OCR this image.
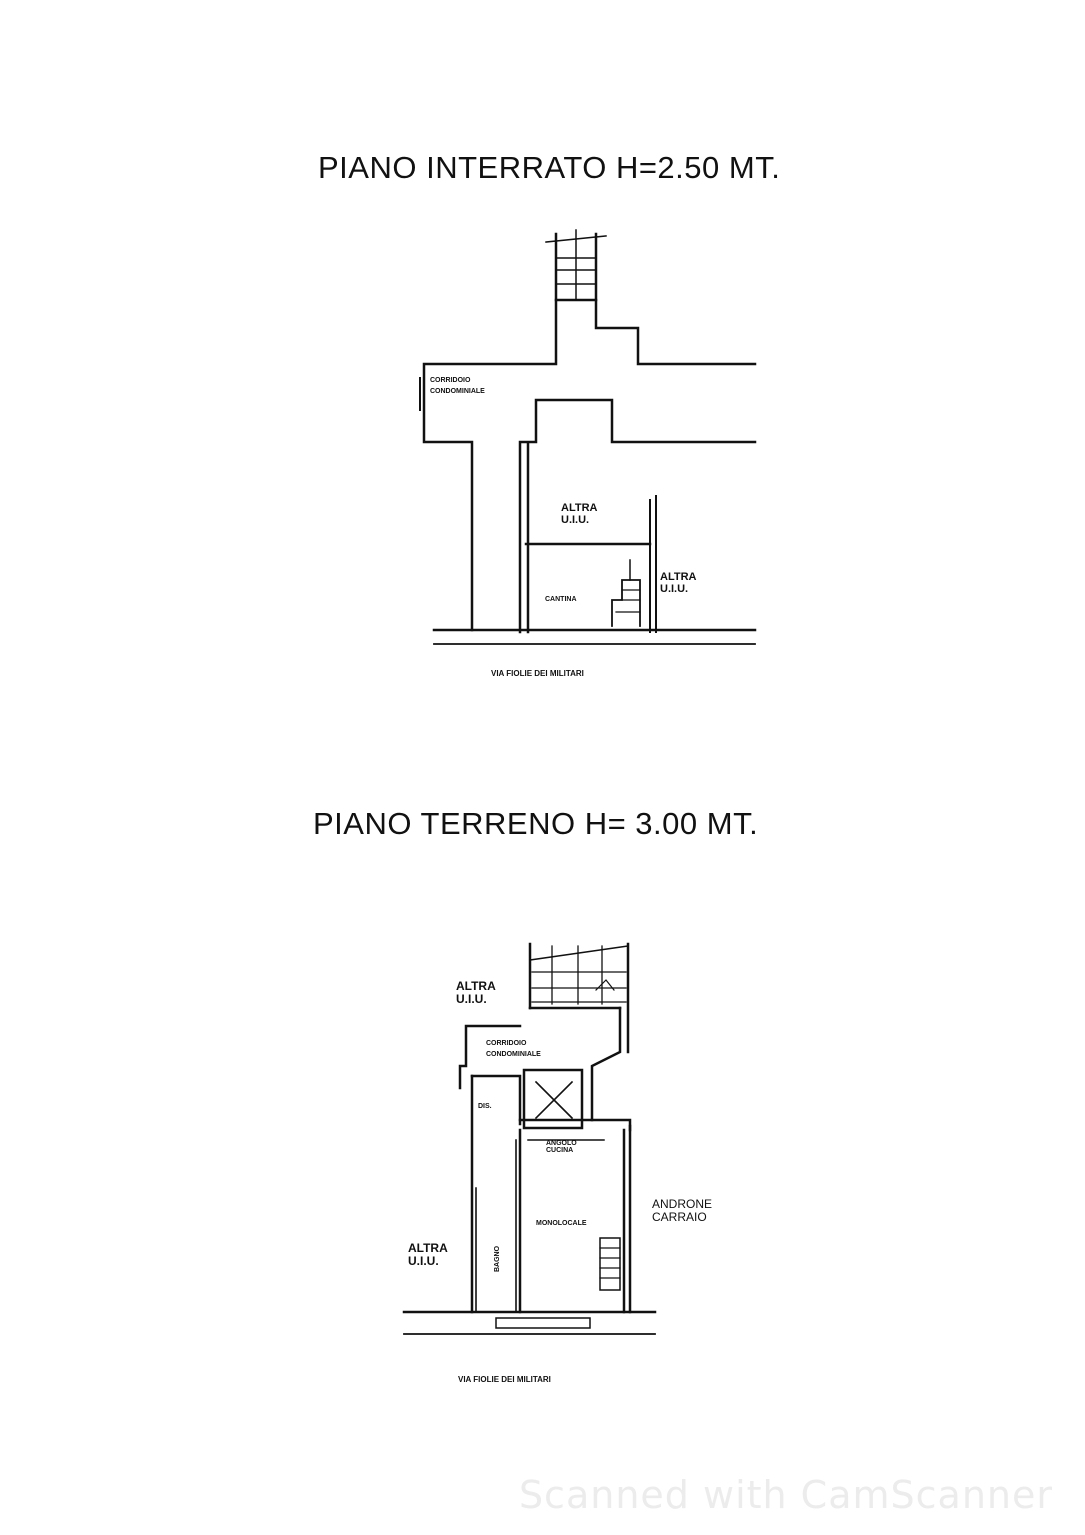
PIANO INTERRATO H=2.50 MT.
PIANO TERRENO H= 3.00 MT.
CORRIDOIO
CONDOMINIALE
ALTRA
U.I.U.
CANTINA
ALTRA
U.I.U.
VIA FIOLIE DEI MILITARI
ALTRA
U.I.U.
CORRIDOIO
CONDOMINIALE
DIS.
ANGOLO
CUCINA
MONOLOCALE
BAGNO
ANDRONE
CARRAIO
ALTRA
U.I.U.
VIA FIOLIE DEI MILITARI
Scanned with CamScanner
